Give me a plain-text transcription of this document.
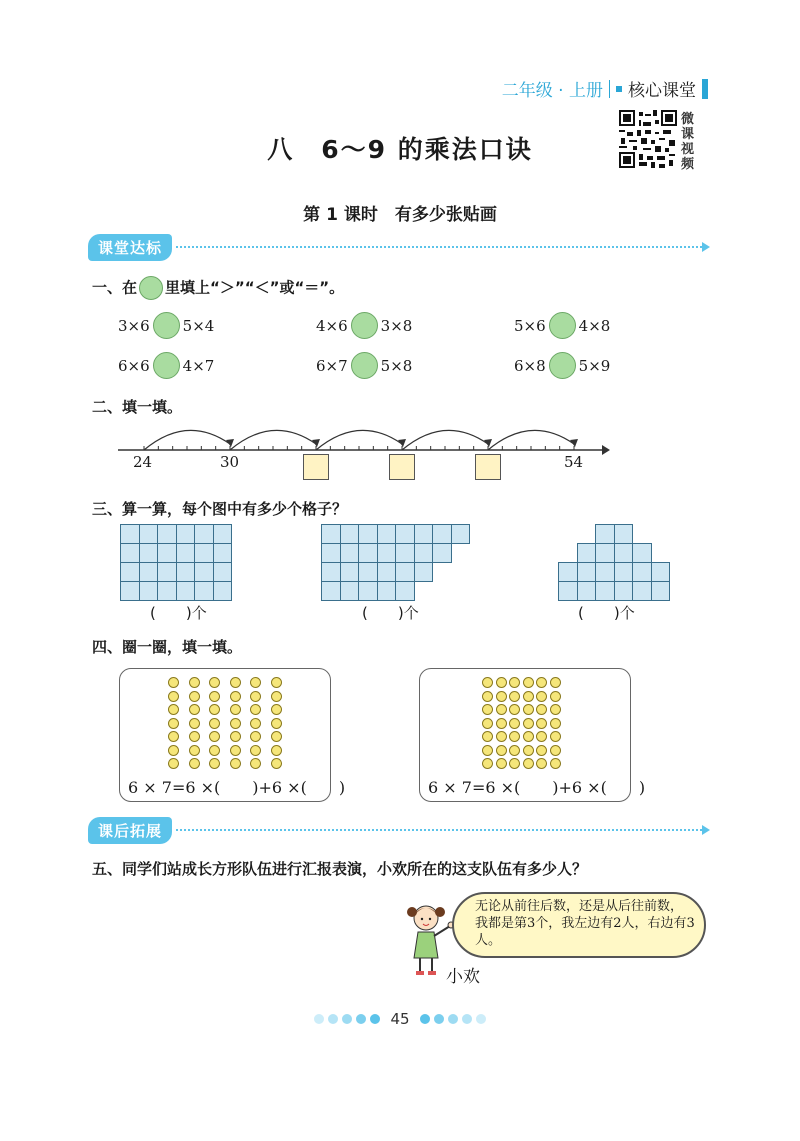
二年级 · 上册 核心课堂
八　6～9 的乘法口诀
微
课
视
频
第 1 课时　有多少张贴画
课堂达标
一、在 里填上“＞”“＜”或“＝”。
3×6 5×4	4×6 3×8	5×6 4×8
6×6 4×7	6×7 5×8	6×8 5×9
二、填一填。
24	30	54
三、算一算，每个图中有多少个格子？
(　　)个	(　　)个	(　　)个
四、圈一圈，填一填。
6 × 7=6 ×(　　)+6 ×(　　)	6 × 7=6 ×(　　)+6 ×(　　)
课后拓展
五、同学们站成长方形队伍进行汇报表演，小欢所在的这支队伍有多少人？
无论从前往后数，还是从后往前数，我都是第3个，我左边有2人，右边有3人。
小欢
45
